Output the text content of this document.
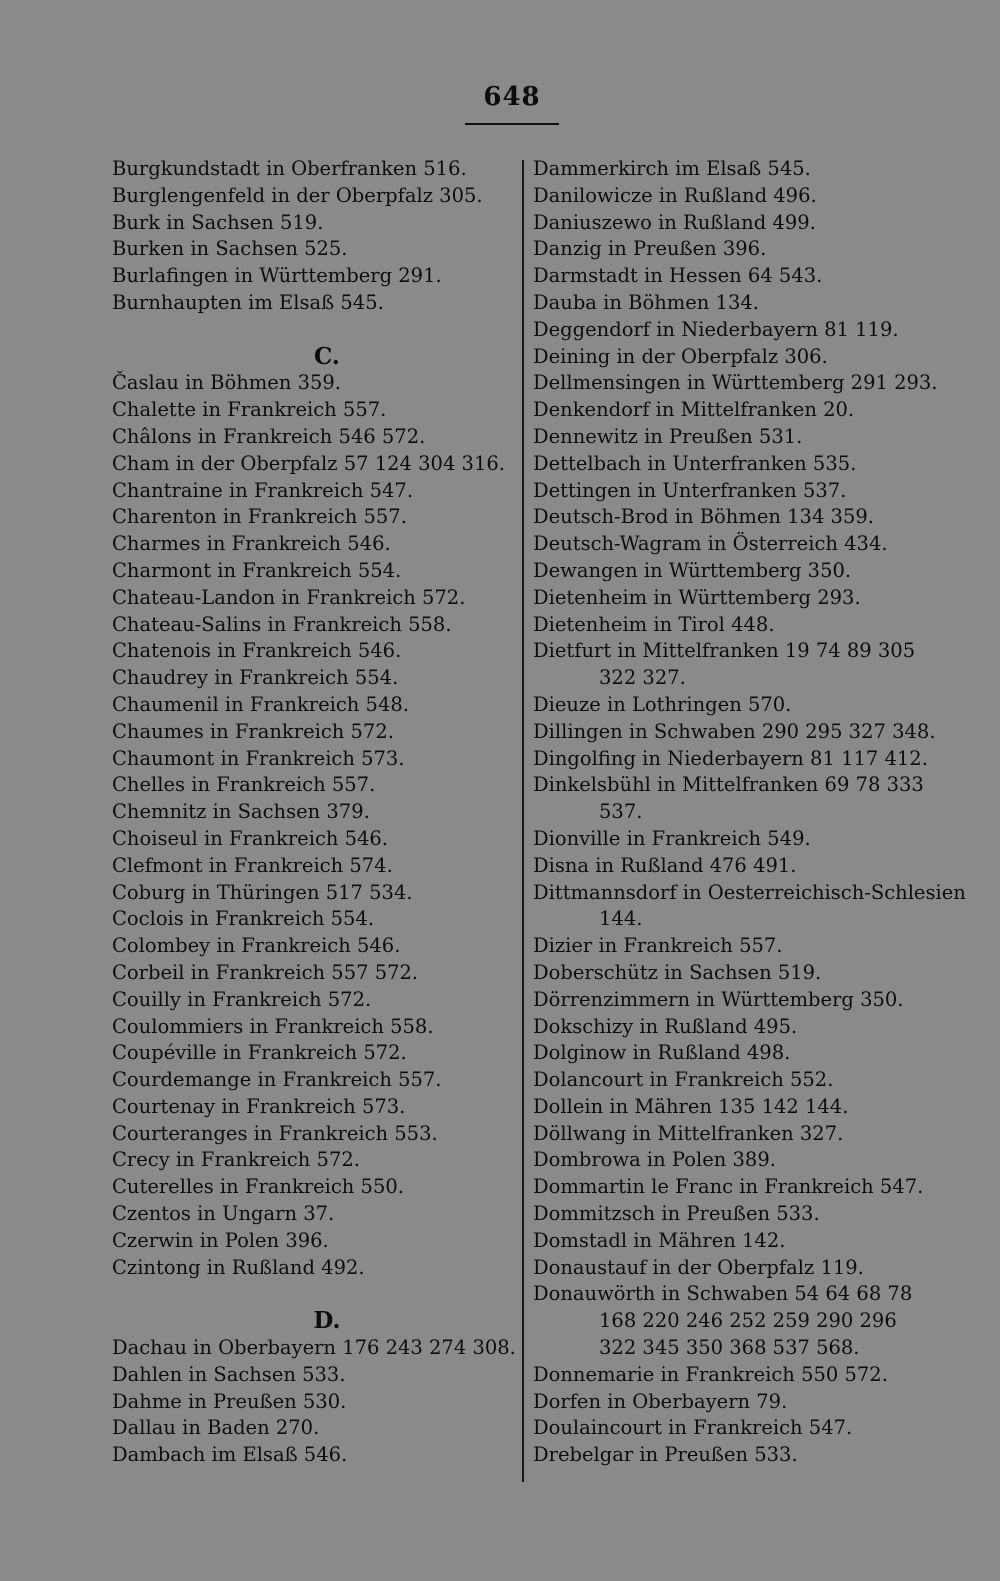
648
Burgkundstadt in Oberfranken 516.
Burglengenfeld in der Oberpfalz 305.
Burk in Sachsen 519.
Burken in Sachsen 525.
Burlafingen in Württemberg 291.
Burnhaupten im Elsaß 545.
C.
Časlau in Böhmen 359.
Chalette in Frankreich 557.
Châlons in Frankreich 546 572.
Cham in der Oberpfalz 57 124 304 316.
Chantraine in Frankreich 547.
Charenton in Frankreich 557.
Charmes in Frankreich 546.
Charmont in Frankreich 554.
Chateau-Landon in Frankreich 572.
Chateau-Salins in Frankreich 558.
Chatenois in Frankreich 546.
Chaudrey in Frankreich 554.
Chaumenil in Frankreich 548.
Chaumes in Frankreich 572.
Chaumont in Frankreich 573.
Chelles in Frankreich 557.
Chemnitz in Sachsen 379.
Choiseul in Frankreich 546.
Clefmont in Frankreich 574.
Coburg in Thüringen 517 534.
Coclois in Frankreich 554.
Colombey in Frankreich 546.
Corbeil in Frankreich 557 572.
Couilly in Frankreich 572.
Coulommiers in Frankreich 558.
Coupéville in Frankreich 572.
Courdemange in Frankreich 557.
Courtenay in Frankreich 573.
Courteranges in Frankreich 553.
Crecy in Frankreich 572.
Cuterelles in Frankreich 550.
Czentos in Ungarn 37.
Czerwin in Polen 396.
Czintong in Rußland 492.
D.
Dachau in Oberbayern 176 243 274 308.
Dahlen in Sachsen 533.
Dahme in Preußen 530.
Dallau in Baden 270.
Dambach im Elsaß 546.
Dammerkirch im Elsaß 545.
Danilowicze in Rußland 496.
Daniuszewo in Rußland 499.
Danzig in Preußen 396.
Darmstadt in Hessen 64 543.
Dauba in Böhmen 134.
Deggendorf in Niederbayern 81 119.
Deining in der Oberpfalz 306.
Dellmensingen in Württemberg 291 293.
Denkendorf in Mittelfranken 20.
Dennewitz in Preußen 531.
Dettelbach in Unterfranken 535.
Dettingen in Unterfranken 537.
Deutsch-Brod in Böhmen 134 359.
Deutsch-Wagram in Österreich 434.
Dewangen in Württemberg 350.
Dietenheim in Württemberg 293.
Dietenheim in Tirol 448.
Dietfurt in Mittelfranken 19 74 89 305
322 327.
Dieuze in Lothringen 570.
Dillingen in Schwaben 290 295 327 348.
Dingolfing in Niederbayern 81 117 412.
Dinkelsbühl in Mittelfranken 69 78 333
537.
Dionville in Frankreich 549.
Disna in Rußland 476 491.
Dittmannsdorf in Oesterreichisch-Schlesien
144.
Dizier in Frankreich 557.
Doberschütz in Sachsen 519.
Dörrenzimmern in Württemberg 350.
Dokschizy in Rußland 495.
Dolginow in Rußland 498.
Dolancourt in Frankreich 552.
Dollein in Mähren 135 142 144.
Döllwang in Mittelfranken 327.
Dombrowa in Polen 389.
Dommartin le Franc in Frankreich 547.
Dommitzsch in Preußen 533.
Domstadl in Mähren 142.
Donaustauf in der Oberpfalz 119.
Donauwörth in Schwaben 54 64 68 78
168 220 246 252 259 290 296
322 345 350 368 537 568.
Donnemarie in Frankreich 550 572.
Dorfen in Oberbayern 79.
Doulaincourt in Frankreich 547.
Drebelgar in Preußen 533.
